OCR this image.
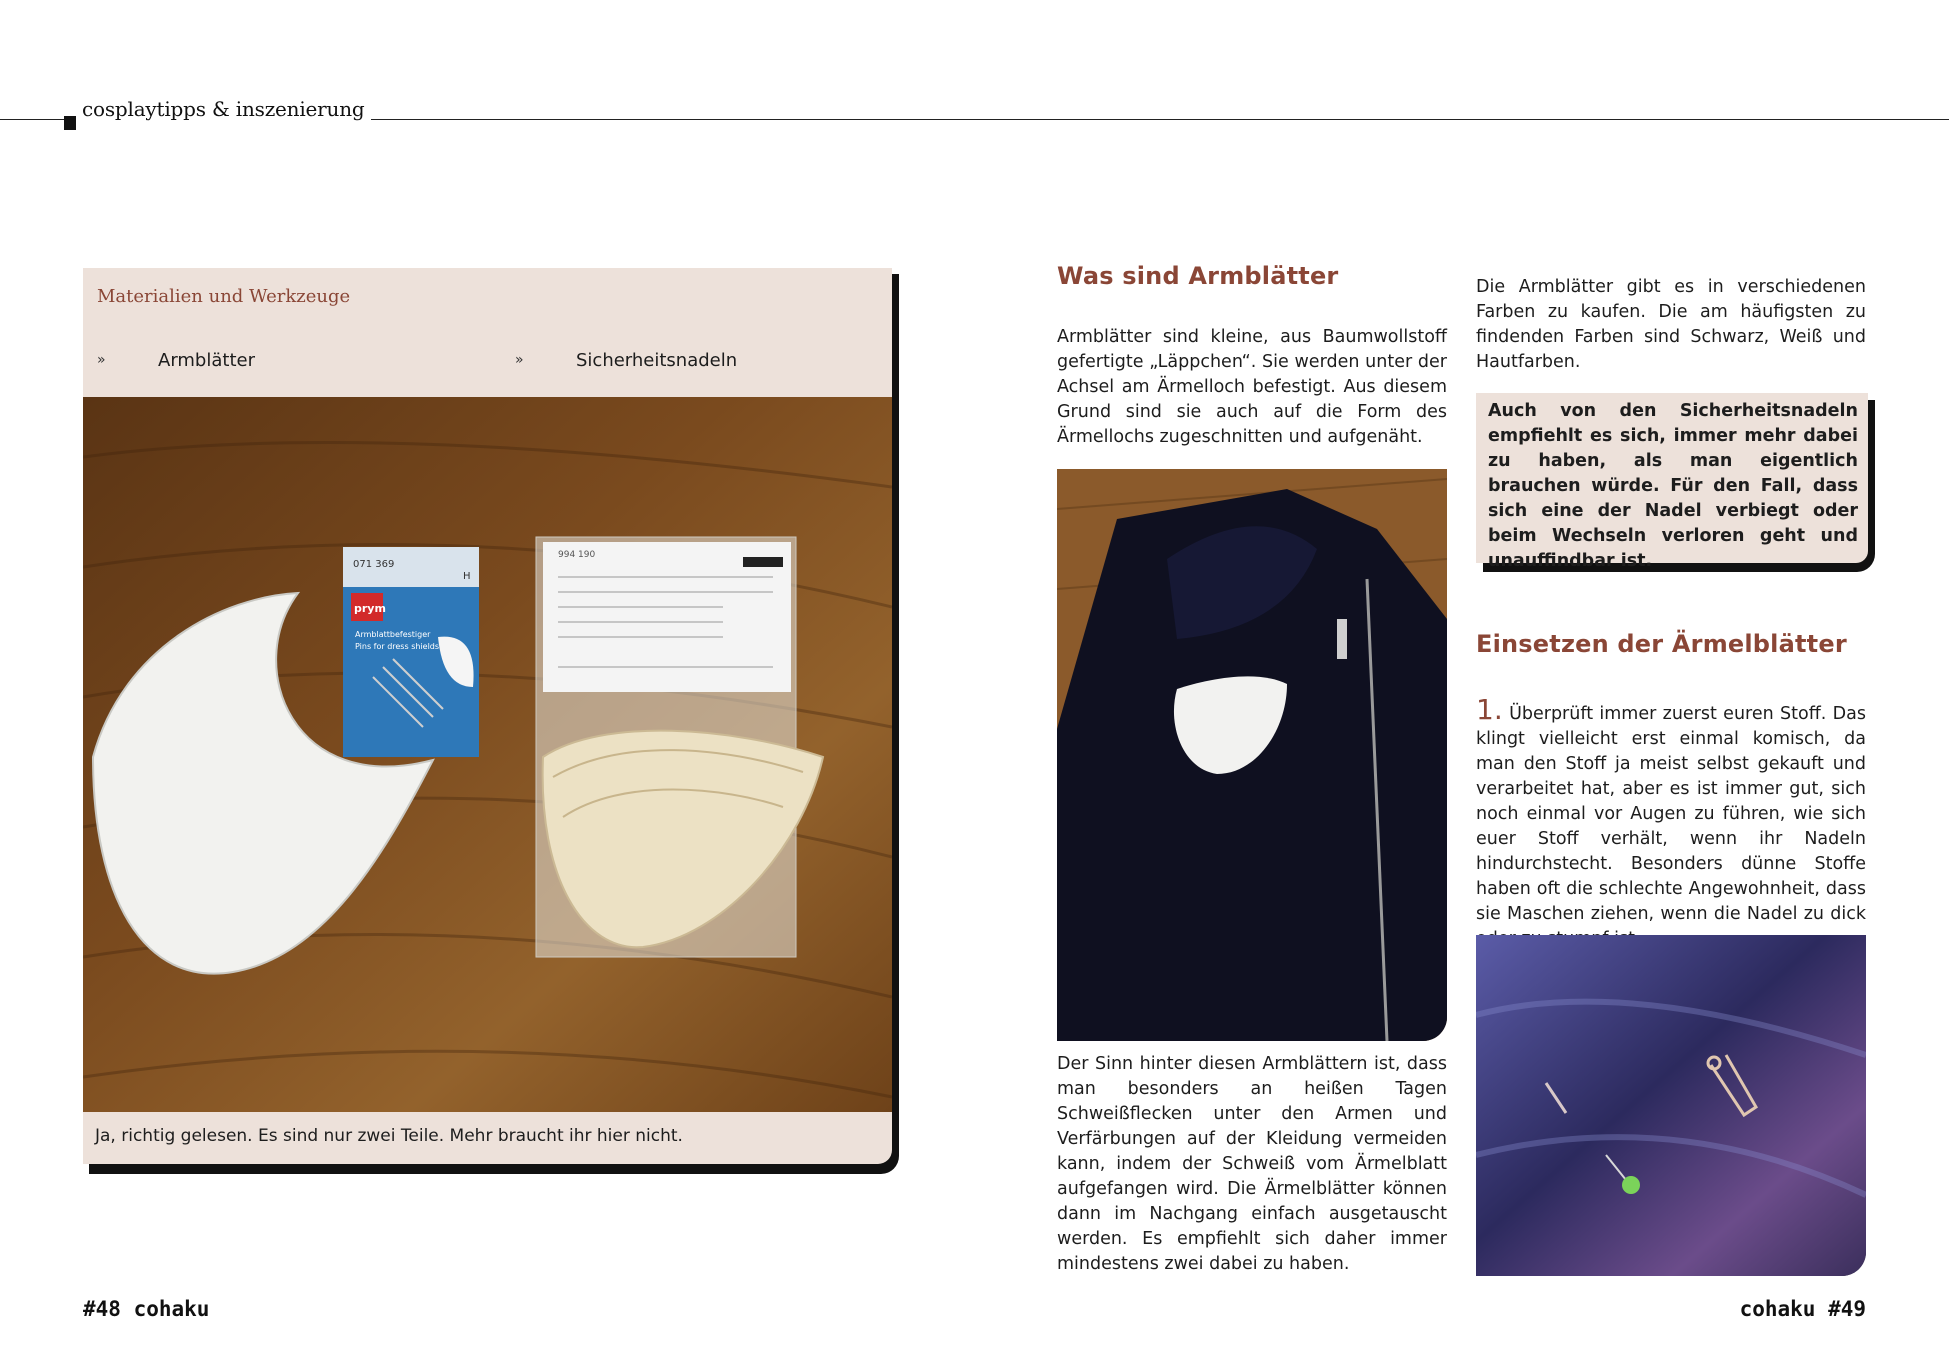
cosplaytipps & inszenierung
Materialien und Werkzeuge
»	Armblätter	»	Sicherheitsnadeln
071 369
H
prym
Armblattbefestiger
Pins for dress shields
994 190
Ja, richtig gelesen. Es sind nur zwei Teile. Mehr braucht ihr hier nicht.
Was sind Armblätter
Armblätter sind kleine, aus Baumwollstoff gefertigte „Läppchen“. Sie werden unter der Achsel am Ärmelloch befestigt. Aus diesem Grund sind sie auch auf die Form des Ärmellochs zugeschnitten und aufgenäht.
Der Sinn hinter diesen Armblättern ist, dass man besonders an heißen Tagen Schweißflecken unter den Armen und Verfärbungen auf der Kleidung vermeiden kann, indem der Schweiß vom Ärmelblatt aufgefangen wird. Die Ärmelblätter können dann im Nachgang einfach ausgetauscht werden. Es empfiehlt sich daher immer mindestens zwei dabei zu haben.
Die Armblätter gibt es in verschiedenen Farben zu kaufen. Die am häufigsten zu findenden Farben sind Schwarz, Weiß und Hautfarben.
Auch von den Sicherheitsnadeln empfiehlt es sich, immer mehr dabei zu haben, als man eigentlich brauchen würde. Für den Fall, dass sich eine der Nadel verbiegt oder beim Wechseln verloren geht und unauffindbar ist.
Einsetzen der Ärmelblätter
1. Überprüft immer zuerst euren Stoff. Das klingt vielleicht erst einmal komisch, da man den Stoff ja meist selbst gekauft und verarbeitet hat, aber es ist immer gut, sich noch einmal vor Augen zu führen, wie sich euer Stoff verhält, wenn ihr Nadeln hindurchstecht. Besonders dünne Stoffe haben oft die schlechte Angewohnheit, dass sie Maschen ziehen, wenn die Nadel zu dick
#48 cohaku	cohaku #49
